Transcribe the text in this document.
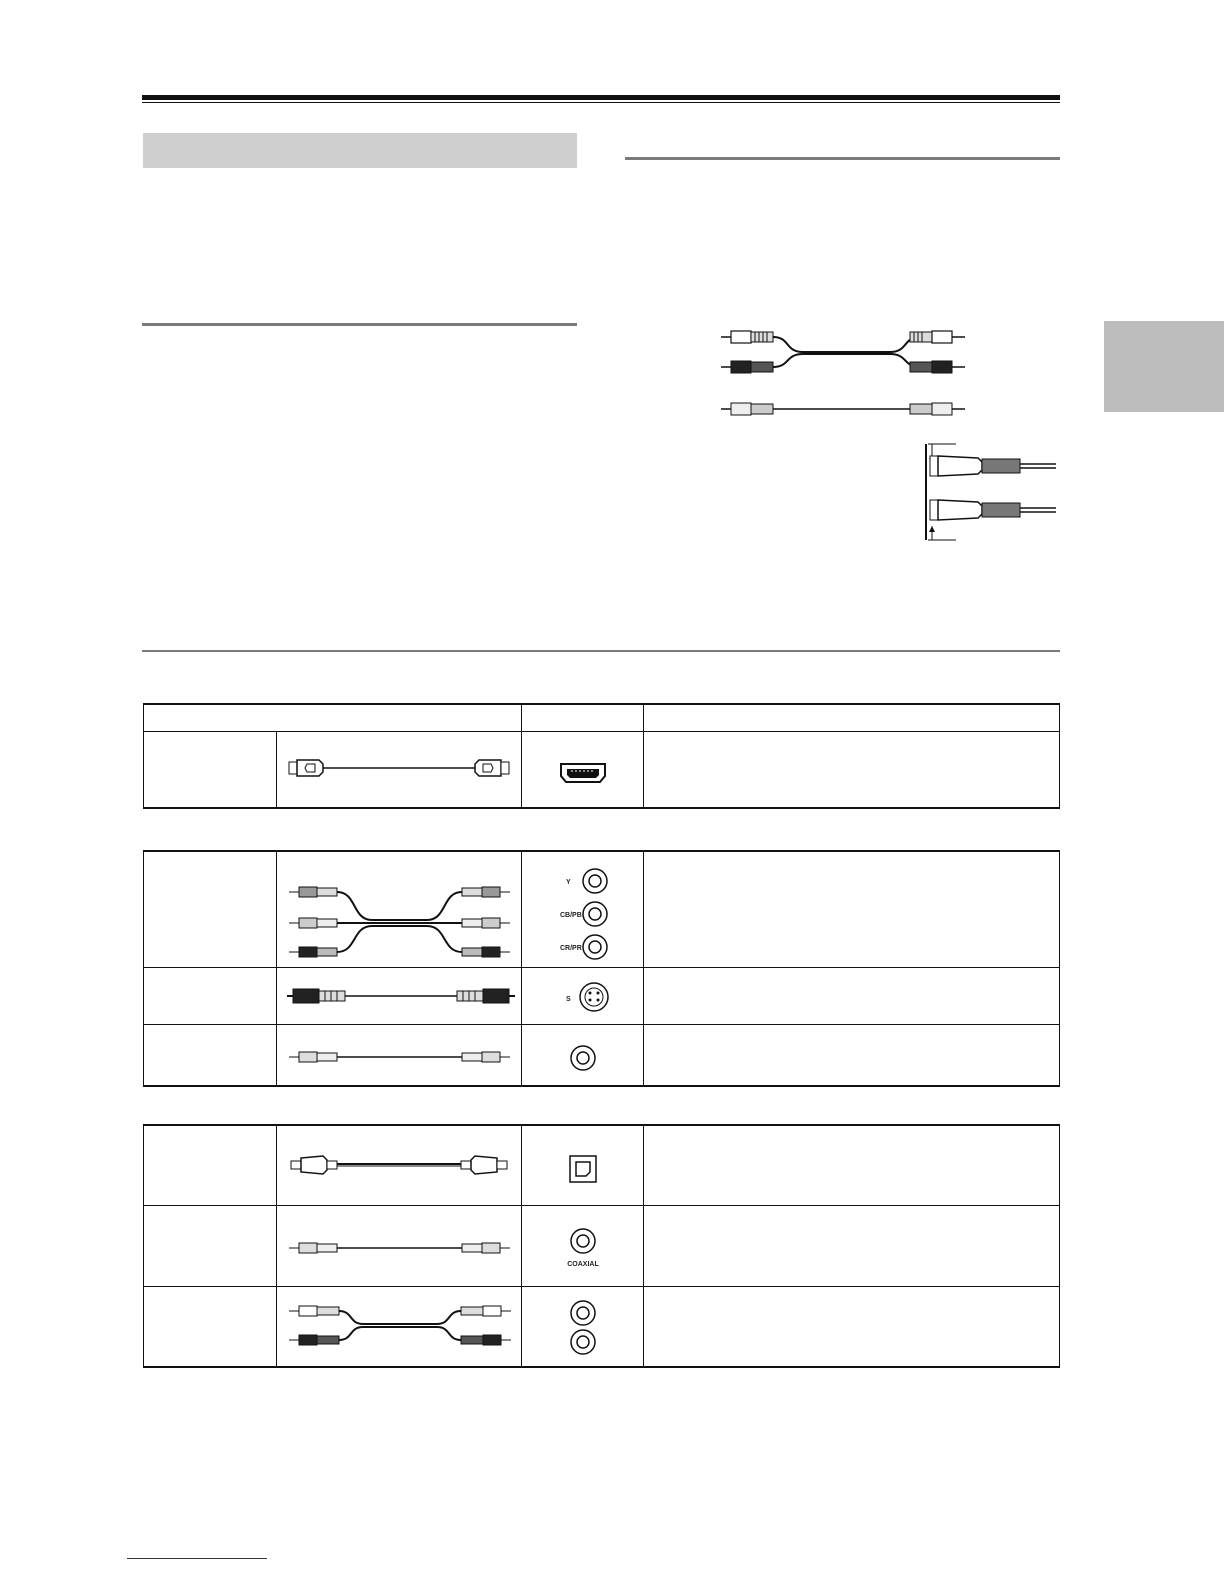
Y
CB/PB
CR/PR	

S	

COAXIAL	
